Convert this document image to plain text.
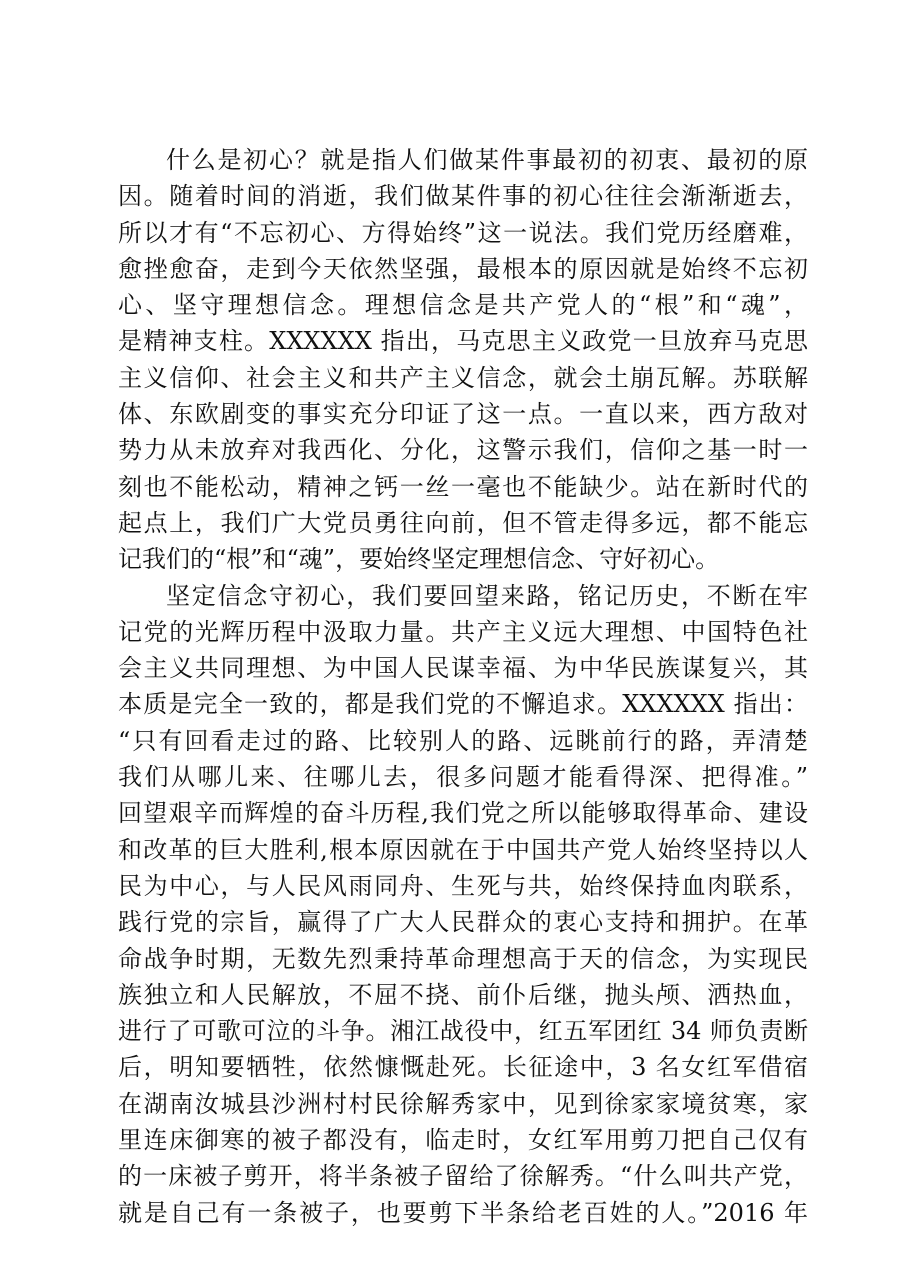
什么是初心？就是指人们做某件事最初的初衷、最初的原
因。随着时间的消逝，我们做某件事的初心往往会渐渐逝去，
所以才有“不忘初心、方得始终”这一说法。我们党历经磨难，
愈挫愈奋，走到今天依然坚强，最根本的原因就是始终不忘初
心、坚守理想信念。理想信念是共产党人的“根”和“魂”，
是精神支柱。XXXXXX 指出，马克思主义政党一旦放弃马克思
主义信仰、社会主义和共产主义信念，就会土崩瓦解。苏联解
体、东欧剧变的事实充分印证了这一点。一直以来，西方敌对
势力从未放弃对我西化、分化，这警示我们，信仰之基一时一
刻也不能松动，精神之钙一丝一毫也不能缺少。站在新时代的
起点上，我们广大党员勇往向前，但不管走得多远，都不能忘
记我们的“根”和“魂”，要始终坚定理想信念、守好初心。
坚定信念守初心，我们要回望来路，铭记历史，不断在牢
记党的光辉历程中汲取力量。共产主义远大理想、中国特色社
会主义共同理想、为中国人民谋幸福、为中华民族谋复兴，其
本质是完全一致的，都是我们党的不懈追求。XXXXXX 指出：
“只有回看走过的路、比较别人的路、远眺前行的路，弄清楚
我们从哪儿来、往哪儿去，很多问题才能看得深、把得准。”
回望艰辛而辉煌的奋斗历程,我们党之所以能够取得革命、建设
和改革的巨大胜利,根本原因就在于中国共产党人始终坚持以人
民为中心，与人民风雨同舟、生死与共，始终保持血肉联系，
践行党的宗旨，赢得了广大人民群众的衷心支持和拥护。在革
命战争时期，无数先烈秉持革命理想高于天的信念，为实现民
族独立和人民解放，不屈不挠、前仆后继，抛头颅、洒热血，
进行了可歌可泣的斗争。湘江战役中，红五军团红 34 师负责断
后，明知要牺牲，依然慷慨赴死。长征途中，3 名女红军借宿
在湖南汝城县沙洲村村民徐解秀家中，见到徐家家境贫寒，家
里连床御寒的被子都没有，临走时，女红军用剪刀把自己仅有
的一床被子剪开，将半条被子留给了徐解秀。“什么叫共产党，
就是自己有一条被子，也要剪下半条给老百姓的人。”2016 年
